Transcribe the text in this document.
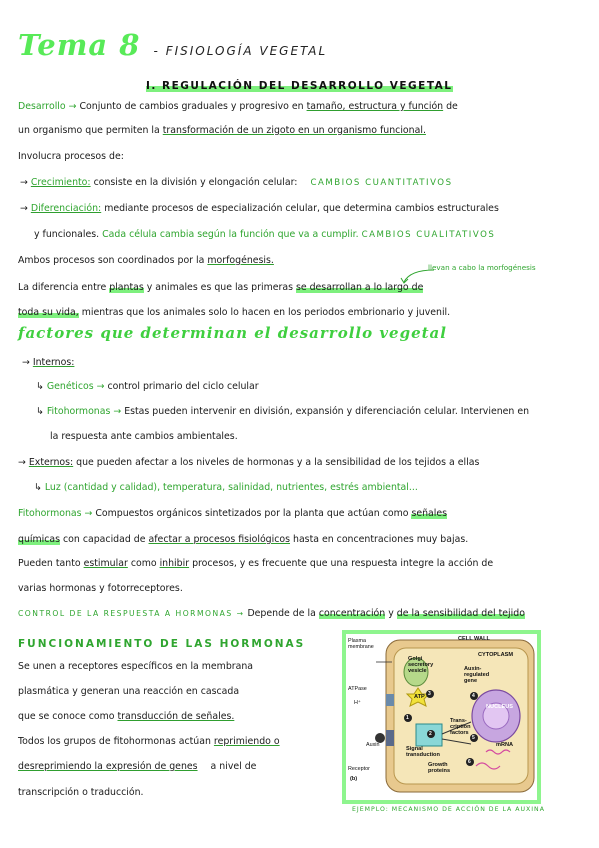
Tema 8 - FISIOLOGÍA VEGETAL
I. REGULACIÓN DEL DESARROLLO VEGETAL
Desarrollo → Conjunto de cambios graduales y progresivo en tamaño, estructura y función de
un organismo que permiten la transformación de un zigoto en un organismo funcional.
Involucra procesos de:
→ Crecimiento: consiste en la división y elongación celular: CAMBIOS CUANTITATIVOS
→ Diferenciación: mediante procesos de especialización celular, que determina cambios estructurales
y funcionales. Cada célula cambia según la función que va a cumplir. CAMBIOS CUALITATIVOS
Ambos procesos son coordinados por la morfogénesis.
llevan a cabo la morfogénesis
La diferencia entre plantas y animales es que las primeras se desarrollan a lo largo de
toda su vida, mientras que los animales solo lo hacen en los periodos embrionario y juvenil.
factores que determinan el desarrollo vegetal
→ Internos:
↳ Genéticos → control primario del ciclo celular
↳ Fitohormonas → Estas pueden intervenir en división, expansión y diferenciación celular. Intervienen en
la respuesta ante cambios ambientales.
→ Externos: que pueden afectar a los niveles de hormonas y a la sensibilidad de los tejidos a ellas
↳ Luz (cantidad y calidad), temperatura, salinidad, nutrientes, estrés ambiental...
Fitohormonas → Compuestos orgánicos sintetizados por la planta que actúan como señales
químicas con capacidad de afectar a procesos fisiológicos hasta en concentraciones muy bajas.
Pueden tanto estimular como inhibir procesos, y es frecuente que una respuesta integre la acción de
varias hormonas y fotorreceptores.
CONTROL DE LA RESPUESTA A HORMONAS → Depende de la concentración y de la sensibilidad del tejido
FUNCIONAMIENTO DE LAS HORMONAS
Se unen a receptores específicos en la membrana
plasmática y generan una reacción en cascada
que se conoce como transducción de señales.
Todos los grupos de fitohormonas actúan reprimiendo o
desreprimiendo la expresión de genes a nivel de
transcripción o traducción.
Plasma membrane
CELL WALL
CYTOPLASM
Golgi secretory vesicle
ATPase
ATP
H⁺
Auxin-regulated gene
NUCLEUS
Trans-cription factors
Signal transduction
mRNA
Growth proteins
Auxin
Receptor
(b)
1
2
3	4
5
6
EJEMPLO: MECANISMO DE ACCIÓN DE LA AUXINA
